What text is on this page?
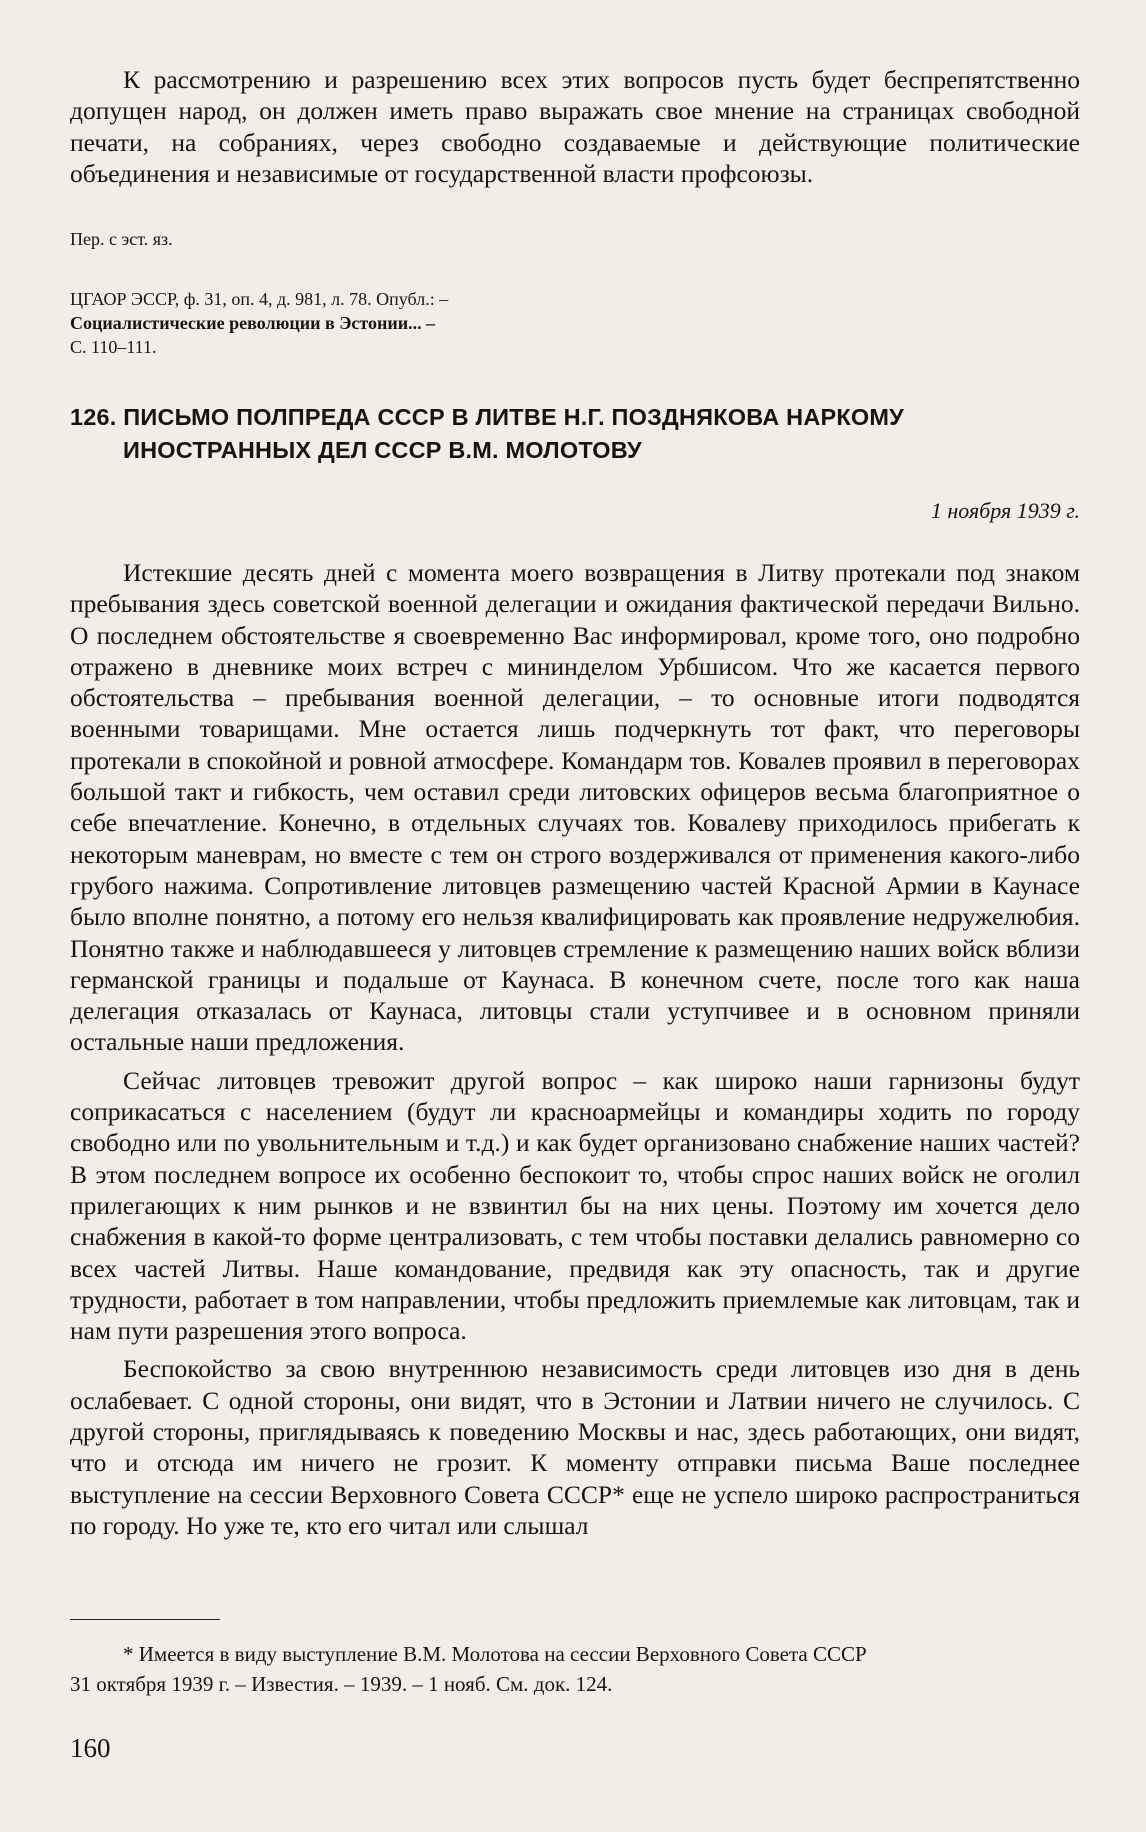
К рассмотрению и разрешению всех этих вопросов пусть будет беспрепятственно допущен народ, он должен иметь право выражать свое мнение на страницах свободной печати, на собраниях, через свободно создаваемые и действующие политические объединения и независимые от государственной власти профсоюзы.

Пер. с эст. яз.

ЦГАОР ЭССР, ф. 31, оп. 4, д. 981, л. 78. Опубл.: –
Социалистические революции в Эстонии... –
С. 110–111.
126. ПИСЬМО ПОЛПРЕДА СССР В ЛИТВЕ Н.Г. ПОЗДНЯКОВА НАРКОМУ
ИНОСТРАННЫХ ДЕЛ СССР В.М. МОЛОТОВУ

1 ноября 1939 г.

Истекшие десять дней с момента моего возвращения в Литву протекали под знаком пребывания здесь советской военной делегации и ожидания фактической передачи Вильно. О последнем обстоятельстве я своевременно Вас информировал, кроме того, оно подробно отражено в дневнике моих встреч с мининделом Урбшисом. Что же касается первого обстоятельства – пребывания военной делегации, – то основные итоги подводятся военными товарищами. Мне остается лишь подчеркнуть тот факт, что переговоры протекали в спокойной и ровной атмосфере. Командарм тов. Ковалев проявил в переговорах большой такт и гибкость, чем оставил среди литовских офицеров весьма благоприятное о себе впечатление. Конечно, в отдельных случаях тов. Ковалеву приходилось прибегать к некоторым маневрам, но вместе с тем он строго воздерживался от применения какого-либо грубого нажима. Сопротивление литовцев размещению частей Красной Армии в Каунасе было вполне понятно, а потому его нельзя квалифицировать как проявление недружелюбия. Понятно также и наблюдавшееся у литовцев стремление к размещению наших войск вблизи германской границы и подальше от Каунаса. В конечном счете, после того как наша делегация отказалась от Каунаса, литовцы стали уступчивее и в основном приняли остальные наши предложения.

Сейчас литовцев тревожит другой вопрос – как широко наши гарнизоны будут соприкасаться с населением (будут ли красноармейцы и командиры ходить по городу свободно или по увольнительным и т.д.) и как будет организовано снабжение наших частей? В этом последнем вопросе их особенно беспокоит то, чтобы спрос наших войск не оголил прилегающих к ним рынков и не взвинтил бы на них цены. Поэтому им хочется дело снабжения в какой-то форме централизовать, с тем чтобы поставки делались равномерно со всех частей Литвы. Наше командование, предвидя как эту опасность, так и другие трудности, работает в том направлении, чтобы предложить приемлемые как литовцам, так и нам пути разрешения этого вопроса.

Беспокойство за свою внутреннюю независимость среди литовцев изо дня в день ослабевает. С одной стороны, они видят, что в Эстонии и Латвии ничего не случилось. С другой стороны, приглядываясь к поведению Москвы и нас, здесь работающих, они видят, что и отсюда им ничего не грозит. К моменту отправки письма Ваше последнее выступление на сессии Верховного Совета СССР* еще не успело широко распространиться по городу. Но уже те, кто его читал или слышал

* Имеется в виду выступление В.М. Молотова на сессии Верховного Совета СССР

31 октября 1939 г. – Известия. – 1939. – 1 нояб. См. док. 124.

160
